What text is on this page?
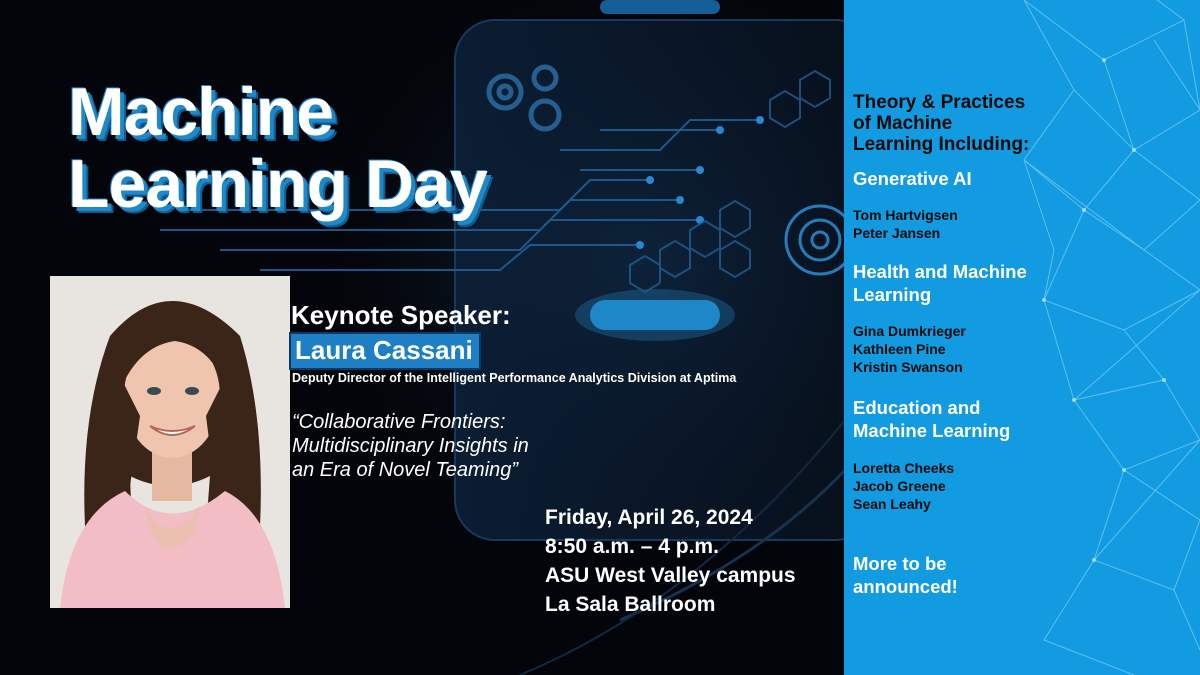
Machine
Learning Day
Keynote Speaker:
Laura Cassani
Deputy Director of the Intelligent Performance Analytics Division at Aptima
“Collaborative Frontiers:
Multidisciplinary Insights in
an Era of Novel Teaming”
Friday, April 26, 2024
8:50 a.m. – 4 p.m.
ASU West Valley campus
La Sala Ballroom
Theory & Practices
of Machine
Learning Including:
Generative AI
Tom Hartvigsen
Peter Jansen
Health and Machine
Learning
Gina Dumkrieger
Kathleen Pine
Kristin Swanson
Education and
Machine Learning
Loretta Cheeks
Jacob Greene
Sean Leahy
More to be
announced!
